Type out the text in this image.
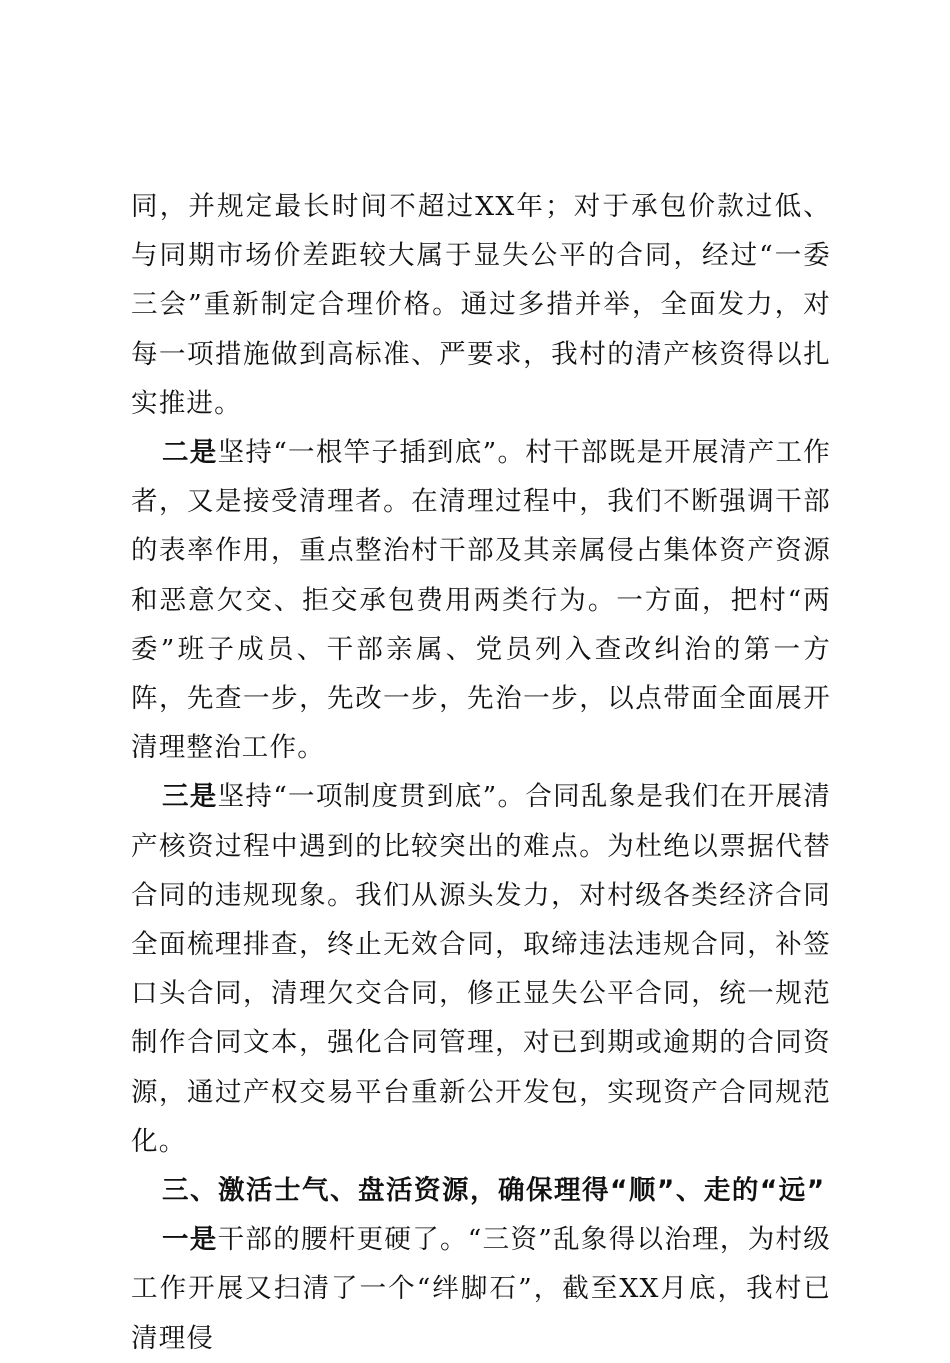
同，并规定最长时间不超过XX年；对于承包价款过低、与同期市场价差距较大属于显失公平的合同，经过“一委三会”重新制定合理价格。通过多措并举，全面发力，对每一项措施做到高标准、严要求，我村的清产核资得以扎实推进。

二是坚持“一根竿子插到底”。村干部既是开展清产工作者，又是接受清理者。在清理过程中，我们不断强调干部的表率作用，重点整治村干部及其亲属侵占集体资产资源和恶意欠交、拒交承包费用两类行为。一方面，把村“两委”班子成员、干部亲属、党员列入查改纠治的第一方阵，先查一步，先改一步，先治一步，以点带面全面展开清理整治工作。

三是坚持“一项制度贯到底”。合同乱象是我们在开展清产核资过程中遇到的比较突出的难点。为杜绝以票据代替合同的违规现象。我们从源头发力，对村级各类经济合同全面梳理排查，终止无效合同，取缔违法违规合同，补签口头合同，清理欠交合同，修正显失公平合同，统一规范制作合同文本，强化合同管理，对已到期或逾期的合同资源，通过产权交易平台重新公开发包，实现资产合同规范化。

三、激活士气、盘活资源，确保理得“顺”、走的“远”

一是干部的腰杆更硬了。“三资”乱象得以治理，为村级工作开展又扫清了一个“绊脚石”，截至XX月底，我村已清理侵
